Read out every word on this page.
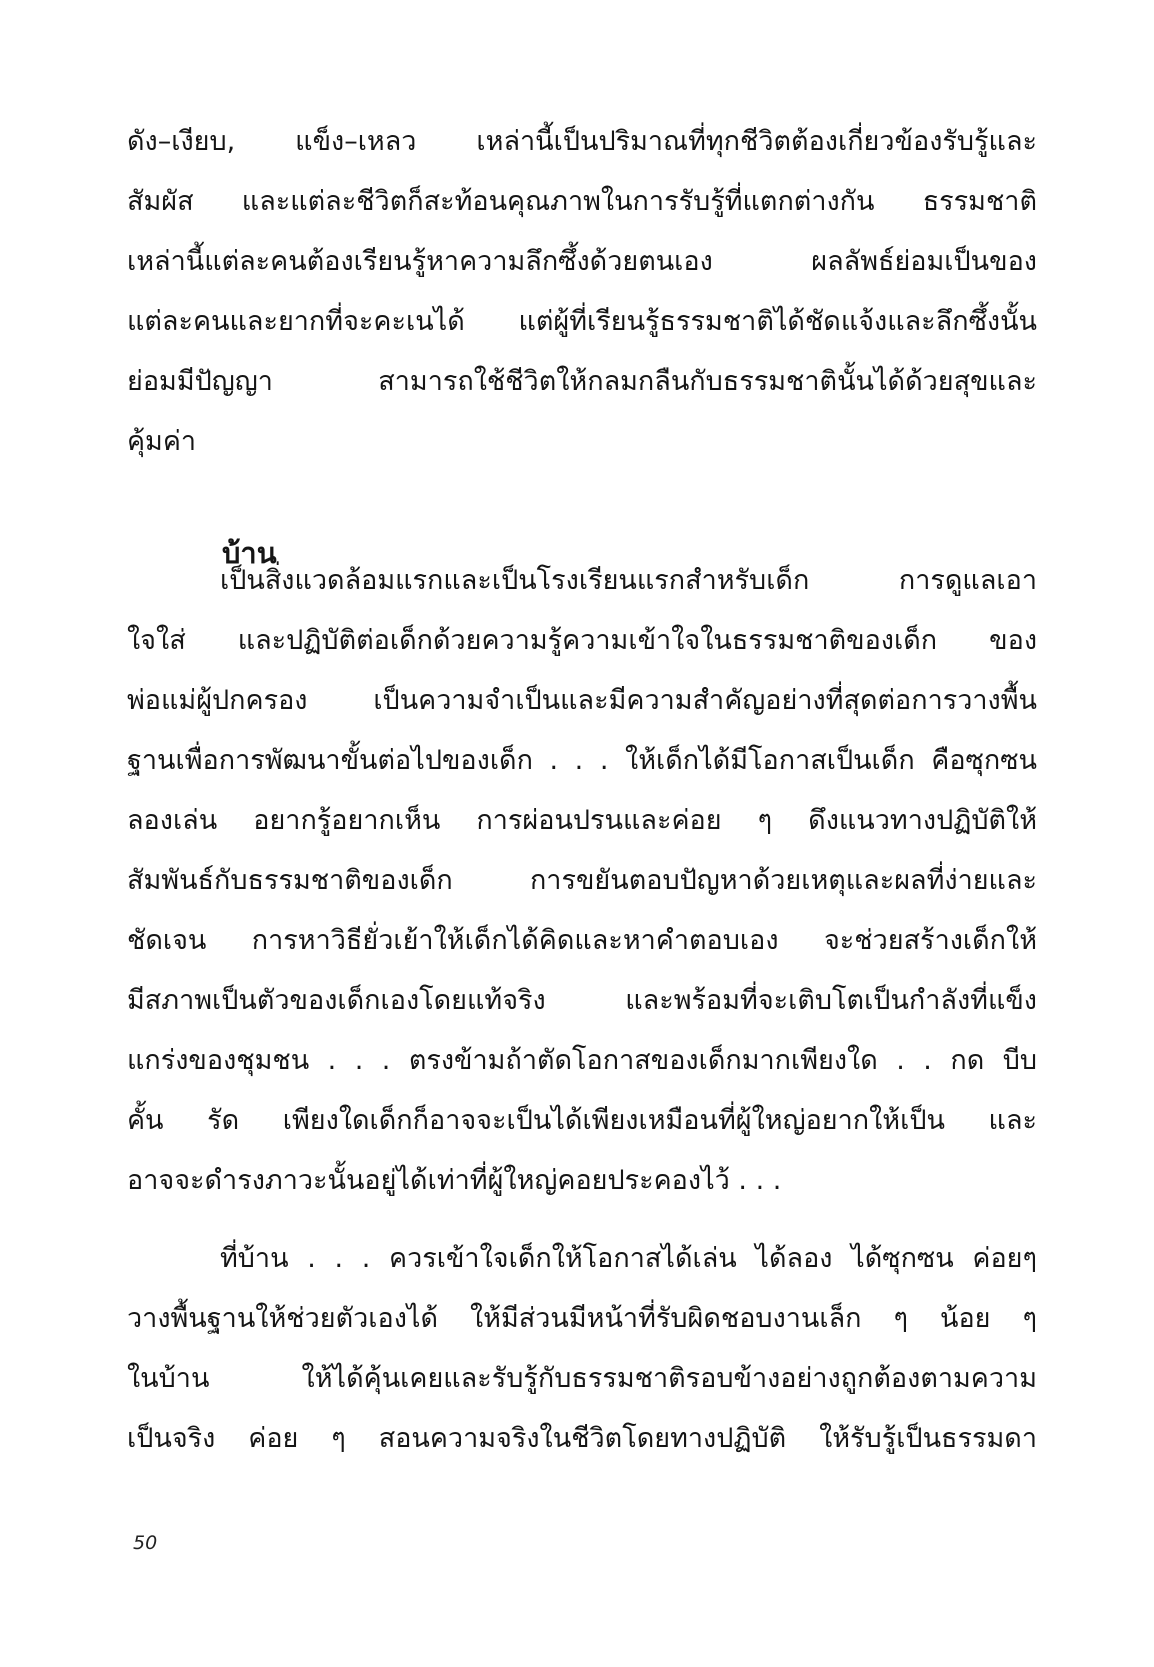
ดัง–เงียบ, แข็ง–เหลว เหล่านี้เป็นปริมาณที่ทุกชีวิตต้องเกี่ยวข้องรับรู้และ
สัมผัส และแต่ละชีวิตก็สะท้อนคุณภาพในการรับรู้ที่แตกต่างกัน ธรรมชาติ
เหล่านี้แต่ละคนต้องเรียนรู้หาความลึกซึ้งด้วยตนเอง ผลลัพธ์ย่อมเป็นของ
แต่ละคนและยากที่จะคะเนได้ แต่ผู้ที่เรียนรู้ธรรมชาติได้ชัดแจ้งและลึกซึ้งนั้น
ย่อมมีปัญญา สามารถใช้ชีวิตให้กลมกลืนกับธรรมชาตินั้นได้ด้วยสุขและ
คุ้มค่า
บ้าน
เป็นสิ่งแวดล้อมแรกและเป็นโรงเรียนแรกสำหรับเด็ก การดูแลเอา
ใจใส่ และปฏิบัติต่อเด็กด้วยความรู้ความเข้าใจในธรรมชาติของเด็ก ของ
พ่อแม่ผู้ปกครอง เป็นความจำเป็นและมีความสำคัญอย่างที่สุดต่อการวางพื้น
ฐานเพื่อการพัฒนาขั้นต่อไปของเด็ก . . . ให้เด็กได้มีโอกาสเป็นเด็ก คือซุกซน
ลองเล่น อยากรู้อยากเห็น การผ่อนปรนและค่อย ๆ ดึงแนวทางปฏิบัติให้
สัมพันธ์กับธรรมชาติของเด็ก การขยันตอบปัญหาด้วยเหตุและผลที่ง่ายและ
ชัดเจน การหาวิธียั่วเย้าให้เด็กได้คิดและหาคำตอบเอง จะช่วยสร้างเด็กให้
มีสภาพเป็นตัวของเด็กเองโดยแท้จริง และพร้อมที่จะเติบโตเป็นกำลังที่แข็ง
แกร่งของชุมชน . . . ตรงข้ามถ้าตัดโอกาสของเด็กมากเพียงใด . . กด บีบ
คั้น รัด เพียงใดเด็กก็อาจจะเป็นได้เพียงเหมือนที่ผู้ใหญ่อยากให้เป็น และ
อาจจะดำรงภาวะนั้นอยู่ได้เท่าที่ผู้ใหญ่คอยประคองไว้ . . .
ที่บ้าน . . . ควรเข้าใจเด็กให้โอกาสได้เล่น ได้ลอง ได้ซุกซน ค่อยๆ
วางพื้นฐานให้ช่วยตัวเองได้ ให้มีส่วนมีหน้าที่รับผิดชอบงานเล็ก ๆ น้อย ๆ
ในบ้าน ให้ได้คุ้นเคยและรับรู้กับธรรมชาติรอบข้างอย่างถูกต้องตามความ
เป็นจริง ค่อย ๆ สอนความจริงในชีวิตโดยทางปฏิบัติ ให้รับรู้เป็นธรรมดา
50
